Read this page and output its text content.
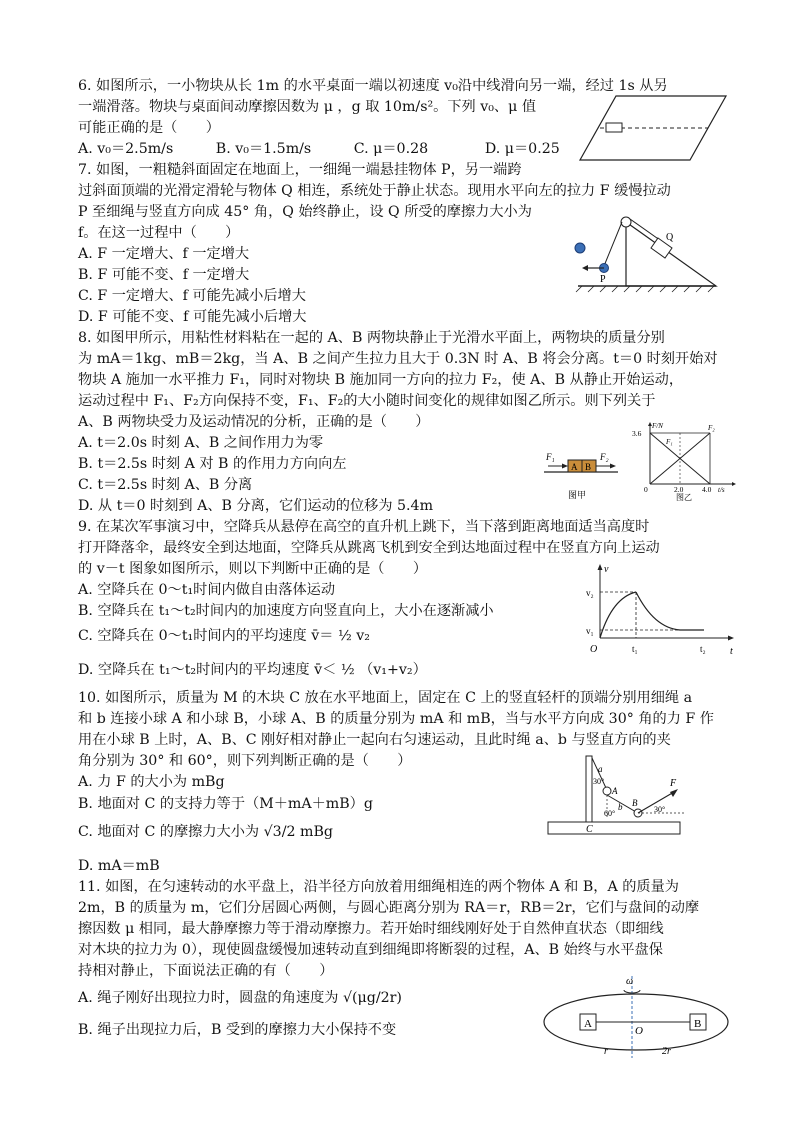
6. 如图所示，一小物块从长 1m 的水平桌面一端以初速度 v₀沿中线滑向另一端，经过 1s 从另
一端滑落。物块与桌面间动摩擦因数为 μ ，g 取 10m/s²。下列 v₀、μ 值
可能正确的是（　　）
A. v₀＝2.5m/s　　　B. v₀＝1.5m/s　　　C. μ＝0.28　　　　D. μ＝0.25
7. 如图，一粗糙斜面固定在地面上，一细绳一端悬挂物体 P，另一端跨
过斜面顶端的光滑定滑轮与物体 Q 相连，系统处于静止状态。现用水平向左的拉力 F 缓慢拉动
P 至细绳与竖直方向成 45° 角，Q 始终静止，设 Q 所受的摩擦力大小为
f。在这一过程中（　　）
A. F 一定增大、f 一定增大
B. F 可能不变、f 一定增大
C. F 一定增大、f 可能先减小后增大
D. F 可能不变、f 可能先减小后增大
Q
P
8. 如图甲所示，用粘性材料粘在一起的 A、B 两物块静止于光滑水平面上，两物块的质量分别
为 mA＝1kg、mB＝2kg，当 A、B 之间产生拉力且大于 0.3N 时 A、B 将会分离。t＝0 时刻开始对
物块 A 施加一水平推力 F₁，同时对物块 B 施加同一方向的拉力 F₂，使 A、B 从静止开始运动，
运动过程中 F₁、F₂方向保持不变，F₁、F₂的大小随时间变化的规律如图乙所示。则下列关于
A、B 两物块受力及运动情况的分析，正确的是（　　）
A. t＝2.0s 时刻 A、B 之间作用力为零
B. t＝2.5s 时刻 A 对 B 的作用力方向向左
C. t＝2.5s 时刻 A、B 分离
D. 从 t＝0 时刻到 A、B 分离，它们运动的位移为 5.4m
A B
F₁	F₂
图甲
F/N
3.6
0	2.0 4.0 t/s
F₁
F₂
图乙
9. 在某次军事演习中，空降兵从悬停在高空的直升机上跳下，当下落到距离地面适当高度时
打开降落伞，最终安全到达地面，空降兵从跳离飞机到安全到达地面过程中在竖直方向上运动
的 v－t 图象如图所示，则以下判断中正确的是（　　）
A. 空降兵在 0～t₁时间内做自由落体运动
B. 空降兵在 t₁～t₂时间内的加速度方向竖直向上，大小在逐渐减小
C. 空降兵在 0～t₁时间内的平均速度 v̄＝ ½ v₂
D. 空降兵在 t₁～t₂时间内的平均速度 v̄＜ ½ （v₁+v₂）
v
t
O
v₂
v₁
t₁	t₂
10. 如图所示，质量为 M 的木块 C 放在水平地面上，固定在 C 上的竖直轻杆的顶端分别用细绳 a
和 b 连接小球 A 和小球 B，小球 A、B 的质量分别为 mA 和 mB，当与水平方向成 30° 角的力 F 作
用在小球 B 上时，A、B、C 刚好相对静止一起向右匀速运动，且此时绳 a、b 与竖直方向的夹
角分别为 30° 和 60°，则下列判断正确的是（　　）
A. 力 F 的大小为 mBg
B. 地面对 C 的支持力等于（M＋mA＋mB）g
C. 地面对 C 的摩擦力大小为 √3/2 mBg
D. mA＝mB
C
a
A
30°
b B
60°
F
30°
11. 如图，在匀速转动的水平盘上，沿半径方向放着用细绳相连的两个物体 A 和 B，A 的质量为
2m，B 的质量为 m，它们分居圆心两侧，与圆心距离分别为 RA＝r，RB＝2r，它们与盘间的动摩
擦因数 μ 相同，最大静摩擦力等于滑动摩擦力。若开始时细线刚好处于自然伸直状态（即细线
对木块的拉力为 0），现使圆盘缓慢加速转动直到细绳即将断裂的过程，A、B 始终与水平盘保
持相对静止，下面说法正确的有（　　）
A. 绳子刚好出现拉力时，圆盘的角速度为 √(μg/2r)
B. 绳子出现拉力后，B 受到的摩擦力大小保持不变
ω
A	B
O
r	2r
